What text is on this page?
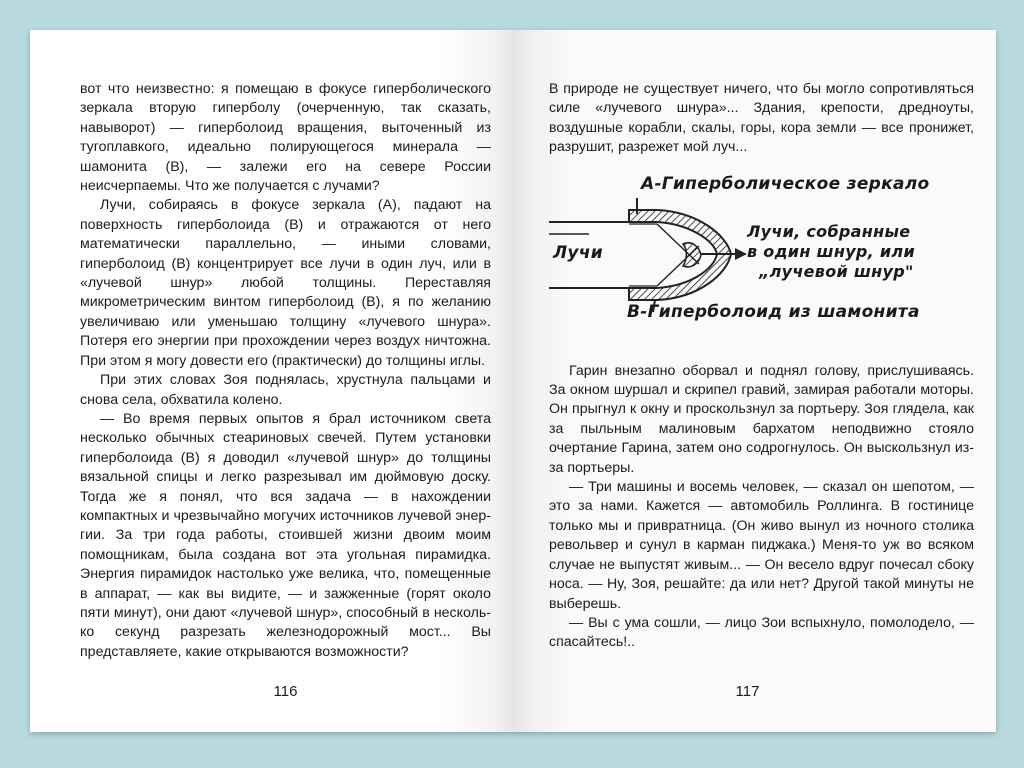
вот что неизвестно: я помещаю в фокусе гиперболического зеркала вторую гиперболу (очерченную, так сказать, навыворот) — гиперболоид вращения, выточенный из тугоплавкого, идеально полирующегося минерала — шамонита (В), — залежи его на севере России неисчерпаемы. Что же получается с лучами?

Лучи, собираясь в фокусе зеркала (А), падают на поверхность гиперболоида (В) и отражаются от него математически параллельно, — иными словами, гиперболоид (В) концентрирует все лучи в один луч, или в «лучевой шнур» любой толщины. Переставляя микрометрическим винтом гиперболоид (В), я по желанию увеличиваю или уменьшаю толщину «лучевого шнура». Потеря его энергии при прохождении через воздух ничтожна. При этом я могу довести его (практически) до толщины иглы.

При этих словах Зоя поднялась, хрустнула пальцами и снова села, обхватила колено.

— Во время первых опытов я брал источником света несколько обычных стеариновых свечей. Путем установки гиперболоида (В) я доводил «лучевой шнур» до толщины вязальной спицы и легко разрезывал им дюймовую доску. Тогда же я понял, что вся задача — в нахождении компактных и чрезвычайно могучих источников лучевой энергии. За три года работы, стоившей жизни двоим моим помощникам, была создана вот эта угольная пирамидка. Энергия пирамидок настолько уже велика, что, помещенные в аппарат, — как вы видите, — и зажженные (горят около пяти минут), они дают «лучевой шнур», способный в несколько секунд разрезать железнодорожный мост... Вы представляете, какие открываются возможности?

116

В природе не существует ничего, что бы могло сопротивляться силе «лучевого шнура»... Здания, крепости, дредноуты, воздушные корабли, скалы, горы, кора земли — все пронижет, разрушит, разрежет мой луч...

А-Гиперболическое зеркало
Лучи
Лучи, собранные
в один шнур, или
„лучевой шнур"
В-Гиперболоид из шамонита

Гарин внезапно оборвал и поднял голову, прислушиваясь. За окном шуршал и скрипел гравий, замирая работали моторы. Он прыгнул к окну и проскользнул за портьеру. Зоя глядела, как за пыльным малиновым бархатом неподвижно стояло очертание Гарина, затем оно содрогнулось. Он выскользнул из-за портьеры.

— Три машины и восемь человек, — сказал он шепотом, — это за нами. Кажется — автомобиль Роллинга. В гостинице только мы и привратница. (Он живо вынул из ночного столика револьвер и сунул в карман пиджака.) Меня-то уж во всяком случае не выпустят живым... — Он весело вдруг почесал сбоку носа. — Ну, Зоя, решайте: да или нет? Другой такой минуты не выберешь.

— Вы с ума сошли, — лицо Зои вспыхнуло, помолодело, — спасайтесь!..

117
